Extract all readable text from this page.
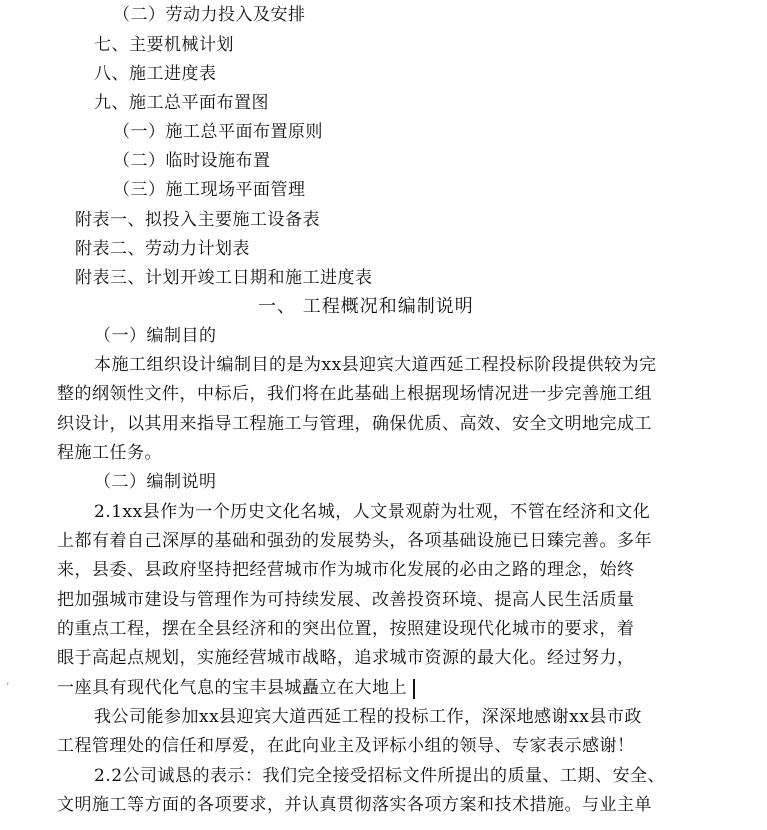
（二）劳动力投入及安排
七、主要机械计划
八、施工进度表
九、施工总平面布置图
（一）施工总平面布置原则
（二）临时设施布置
（三）施工现场平面管理
附表一、拟投入主要施工设备表
附表二、劳动力计划表
附表三、计划开竣工日期和施工进度表
一、 工程概况和编制说明
（一）编制目的
本施工组织设计编制目的是为xx县迎宾大道西延工程投标阶段提供较为完
整的纲领性文件，中标后，我们将在此基础上根据现场情况进一步完善施工组
织设计，以其用来指导工程施工与管理，确保优质、高效、安全文明地完成工
程施工任务。
（二）编制说明
2.1xx县作为一个历史文化名城，人文景观蔚为壮观，不管在经济和文化
上都有着自己深厚的基础和强劲的发展势头，各项基础设施已日臻完善。多年
来，县委、县政府坚持把经营城市作为城市化发展的必由之路的理念，始终
把加强城市建设与管理作为可持续发展、改善投资环境、提高人民生活质量
的重点工程，摆在全县经济和的突出位置，按照建设现代化城市的要求，着
眼于高起点规划，实施经营城市战略，追求城市资源的最大化。经过努力，
一座具有现代化气息的宝丰县城矗立在大地上
我公司能参加xx县迎宾大道西延工程的投标工作，深深地感谢xx县市政
工程管理处的信任和厚爱，在此向业主及评标小组的领导、专家表示感谢！
2.2公司诚恳的表示：我们完全接受招标文件所提出的质量、工期、安全、
文明施工等方面的各项要求，并认真贯彻落实各项方案和技术措施。与业主单
’
